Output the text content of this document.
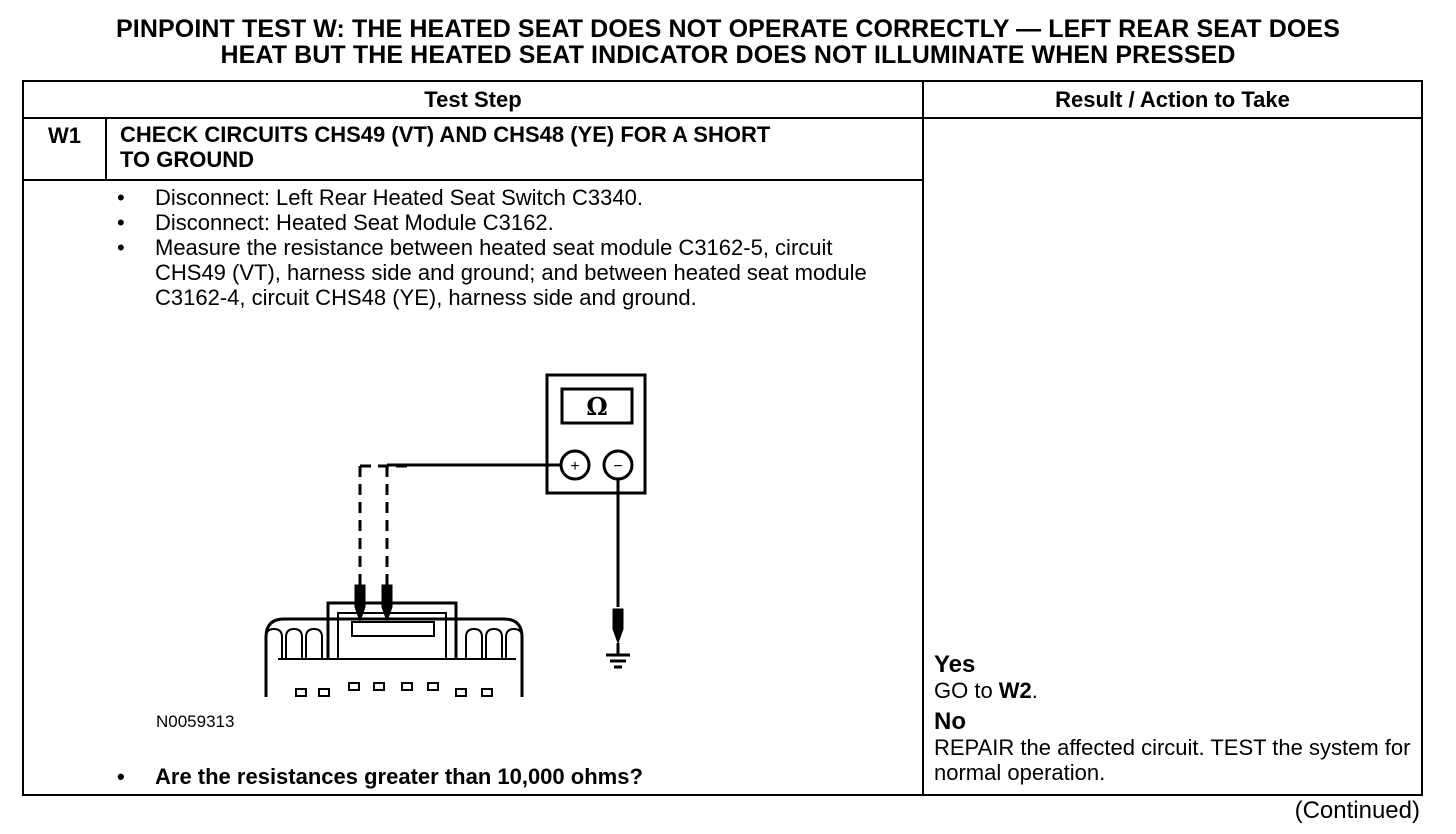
PINPOINT TEST W: THE HEATED SEAT DOES NOT OPERATE CORRECTLY — LEFT REAR SEAT DOES
HEAT BUT THE HEATED SEAT INDICATOR DOES NOT ILLUMINATE WHEN PRESSED
Test Step	Result / Action to Take
W1	CHECK CIRCUITS CHS49 (VT) AND CHS48 (YE) FOR A SHORT
TO GROUND
• Disconnect: Left Rear Heated Seat Switch C3340.
• Disconnect: Heated Seat Module C3162.
• Measure the resistance between heated seat module C3162-5, circuit CHS49 (VT), harness side and ground; and between heated seat module C3162-4, circuit CHS48 (YE), harness side and ground.
Ω
+ −
N0059313
• Are the resistances greater than 10,000 ohms?
Yes
GO to W2.
No
REPAIR the affected circuit. TEST the system for normal operation.
(Continued)
